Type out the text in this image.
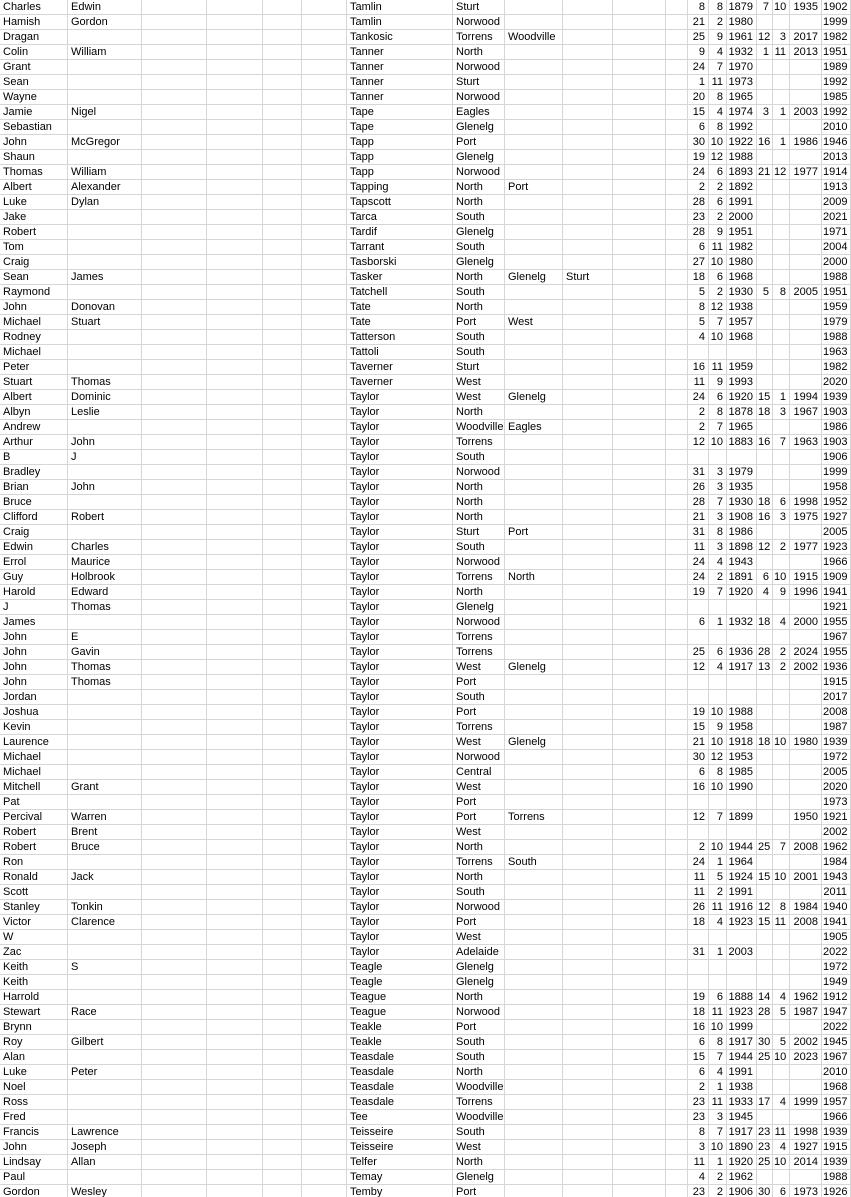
Charles	Edwin					Tamlin	Sturt					8	8	1879	7	10	1935	1902
Hamish	Gordon					Tamlin	Norwood					21	2	1980				1999
Dragan						Tankosic	Torrens	Woodville				25	9	1961	12	3	2017	1982
Colin	William					Tanner	North					9	4	1932	1	11	2013	1951
Grant						Tanner	Norwood					24	7	1970				1989
Sean						Tanner	Sturt					1	11	1973				1992
Wayne						Tanner	Norwood					20	8	1965				1985
Jamie	Nigel					Tape	Eagles					15	4	1974	3	1	2003	1992
Sebastian						Tape	Glenelg					6	8	1992				2010
John	McGregor					Tapp	Port					30	10	1922	16	1	1986	1946
Shaun						Tapp	Glenelg					19	12	1988				2013
Thomas	William					Tapp	Norwood					24	6	1893	21	12	1977	1914
Albert	Alexander					Tapping	North	Port				2	2	1892				1913
Luke	Dylan					Tapscott	North					28	6	1991				2009
Jake						Tarca	South					23	2	2000				2021
Robert						Tardif	Glenelg					28	9	1951				1971
Tom						Tarrant	South					6	11	1982				2004
Craig						Tasborski	Glenelg					27	10	1980				2000
Sean	James					Tasker	North	Glenelg	Sturt			18	6	1968				1988
Raymond						Tatchell	South					5	2	1930	5	8	2005	1951
John	Donovan					Tate	North					8	12	1938				1959
Michael	Stuart					Tate	Port	West				5	7	1957				1979
Rodney						Tatterson	South					4	10	1968				1988
Michael						Tattoli	South											1963
Peter						Taverner	Sturt					16	11	1959				1982
Stuart	Thomas					Taverner	West					11	9	1993				2020
Albert	Dominic					Taylor	West	Glenelg				24	6	1920	15	1	1994	1939
Albyn	Leslie					Taylor	North					2	8	1878	18	3	1967	1903
Andrew						Taylor	Woodville	Eagles				2	7	1965				1986
Arthur	John					Taylor	Torrens					12	10	1883	16	7	1963	1903
B	J					Taylor	South											1906
Bradley						Taylor	Norwood					31	3	1979				1999
Brian	John					Taylor	North					26	3	1935				1958
Bruce						Taylor	North					28	7	1930	18	6	1998	1952
Clifford	Robert					Taylor	North					21	3	1908	16	3	1975	1927
Craig						Taylor	Sturt	Port				31	8	1986				2005
Edwin	Charles					Taylor	South					11	3	1898	12	2	1977	1923
Errol	Maurice					Taylor	Norwood					24	4	1943				1966
Guy	Holbrook					Taylor	Torrens	North				24	2	1891	6	10	1915	1909
Harold	Edward					Taylor	North					19	7	1920	4	9	1996	1941
J	Thomas					Taylor	Glenelg											1921
James						Taylor	Norwood					6	1	1932	18	4	2000	1955
John	E					Taylor	Torrens											1967
John	Gavin					Taylor	Torrens					25	6	1936	28	2	2024	1955
John	Thomas					Taylor	West	Glenelg				12	4	1917	13	2	2002	1936
John	Thomas					Taylor	Port											1915
Jordan						Taylor	South											2017
Joshua						Taylor	Port					19	10	1988				2008
Kevin						Taylor	Torrens					15	9	1958				1987
Laurence						Taylor	West	Glenelg				21	10	1918	18	10	1980	1939
Michael						Taylor	Norwood					30	12	1953				1972
Michael						Taylor	Central					6	8	1985				2005
Mitchell	Grant					Taylor	West					16	10	1990				2020
Pat						Taylor	Port											1973
Percival	Warren					Taylor	Port	Torrens				12	7	1899			1950	1921
Robert	Brent					Taylor	West											2002
Robert	Bruce					Taylor	North					2	10	1944	25	7	2008	1962
Ron						Taylor	Torrens	South				24	1	1964				1984
Ronald	Jack					Taylor	North					11	5	1924	15	10	2001	1943
Scott						Taylor	South					11	2	1991				2011
Stanley	Tonkin					Taylor	Norwood					26	11	1916	12	8	1984	1940
Victor	Clarence					Taylor	Port					18	4	1923	15	11	2008	1941
W						Taylor	West											1905
Zac						Taylor	Adelaide					31	1	2003				2022
Keith	S					Teagle	Glenelg											1972
Keith						Teagle	Glenelg											1949
Harrold						Teague	North					19	6	1888	14	4	1962	1912
Stewart	Race					Teague	Norwood					18	11	1923	28	5	1987	1947
Brynn						Teakle	Port					16	10	1999				2022
Roy	Gilbert					Teakle	South					6	8	1917	30	5	2002	1945
Alan						Teasdale	South					15	7	1944	25	10	2023	1967
Luke	Peter					Teasdale	North					6	4	1991				2010
Noel						Teasdale	Woodville					2	1	1938				1968
Ross						Teasdale	Torrens					23	11	1933	17	4	1999	1957
Fred						Tee	Woodville					23	3	1945				1966
Francis	Lawrence					Teisseire	South					8	7	1917	23	11	1998	1939
John	Joseph					Teisseire	West					3	10	1890	23	4	1927	1915
Lindsay	Allan					Telfer	North					11	1	1920	25	10	2014	1939
Paul						Temay	Glenelg					4	2	1962				1988
Gordon	Wesley					Temby	Port					23	2	1906	30	6	1973	1926
